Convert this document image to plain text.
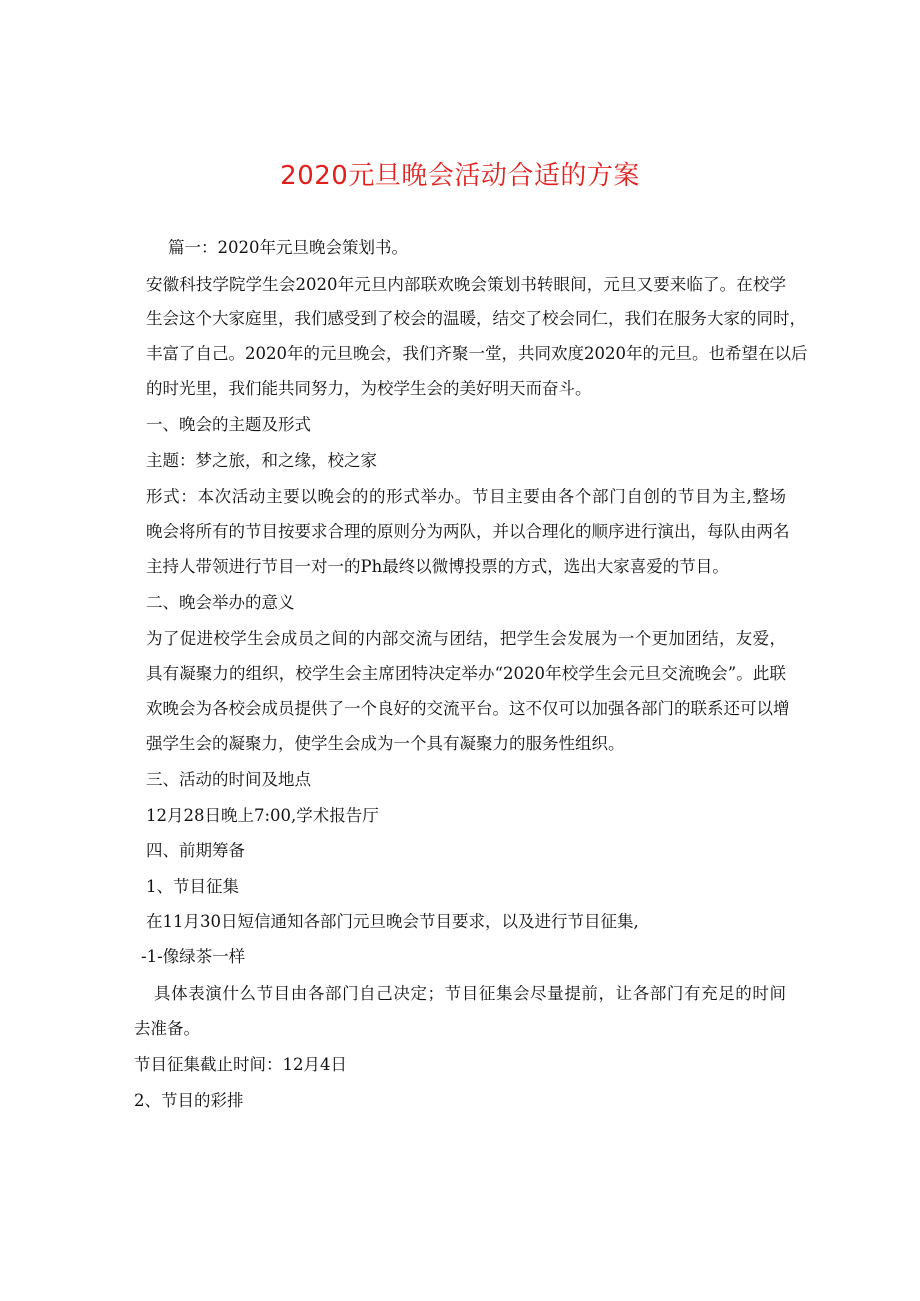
2020元旦晚会活动合适的方案
篇一：2020年元旦晚会策划书。
安徽科技学院学生会2020年元旦内部联欢晚会策划书转眼间，元旦又要来临了。在校学
生会这个大家庭里，我们感受到了校会的温暖，结交了校会同仁，我们在服务大家的同时，
丰富了自己。2020年的元旦晚会，我们齐聚一堂，共同欢度2020年的元旦。也希望在以后
的时光里，我们能共同努力，为校学生会的美好明天而奋斗。
一、晚会的主题及形式
主题：梦之旅，和之缘，校之家
形式：本次活动主要以晚会的的形式举办。节目主要由各个部门自创的节目为主,整场
晚会将所有的节目按要求合理的原则分为两队，并以合理化的顺序进行演出，每队由两名
主持人带领进行节目一对一的Ph最终以微博投票的方式，选出大家喜爱的节目。
二、晚会举办的意义
为了促进校学生会成员之间的内部交流与团结，把学生会发展为一个更加团结，友爱，
具有凝聚力的组织，校学生会主席团特决定举办“2020年校学生会元旦交流晚会”。此联
欢晚会为各校会成员提供了一个良好的交流平台。这不仅可以加强各部门的联系还可以增
强学生会的凝聚力，使学生会成为一个具有凝聚力的服务性组织。
三、活动的时间及地点
12月28日晚上7:00,学术报告厅
四、前期筹备
1、节目征集
在11月30日短信通知各部门元旦晚会节目要求，以及进行节目征集,
-1-像绿茶一样
具体表演什么节目由各部门自己决定；节目征集会尽量提前，让各部门有充足的时间
去准备。
节目征集截止时间：12月4日
2、节目的彩排
